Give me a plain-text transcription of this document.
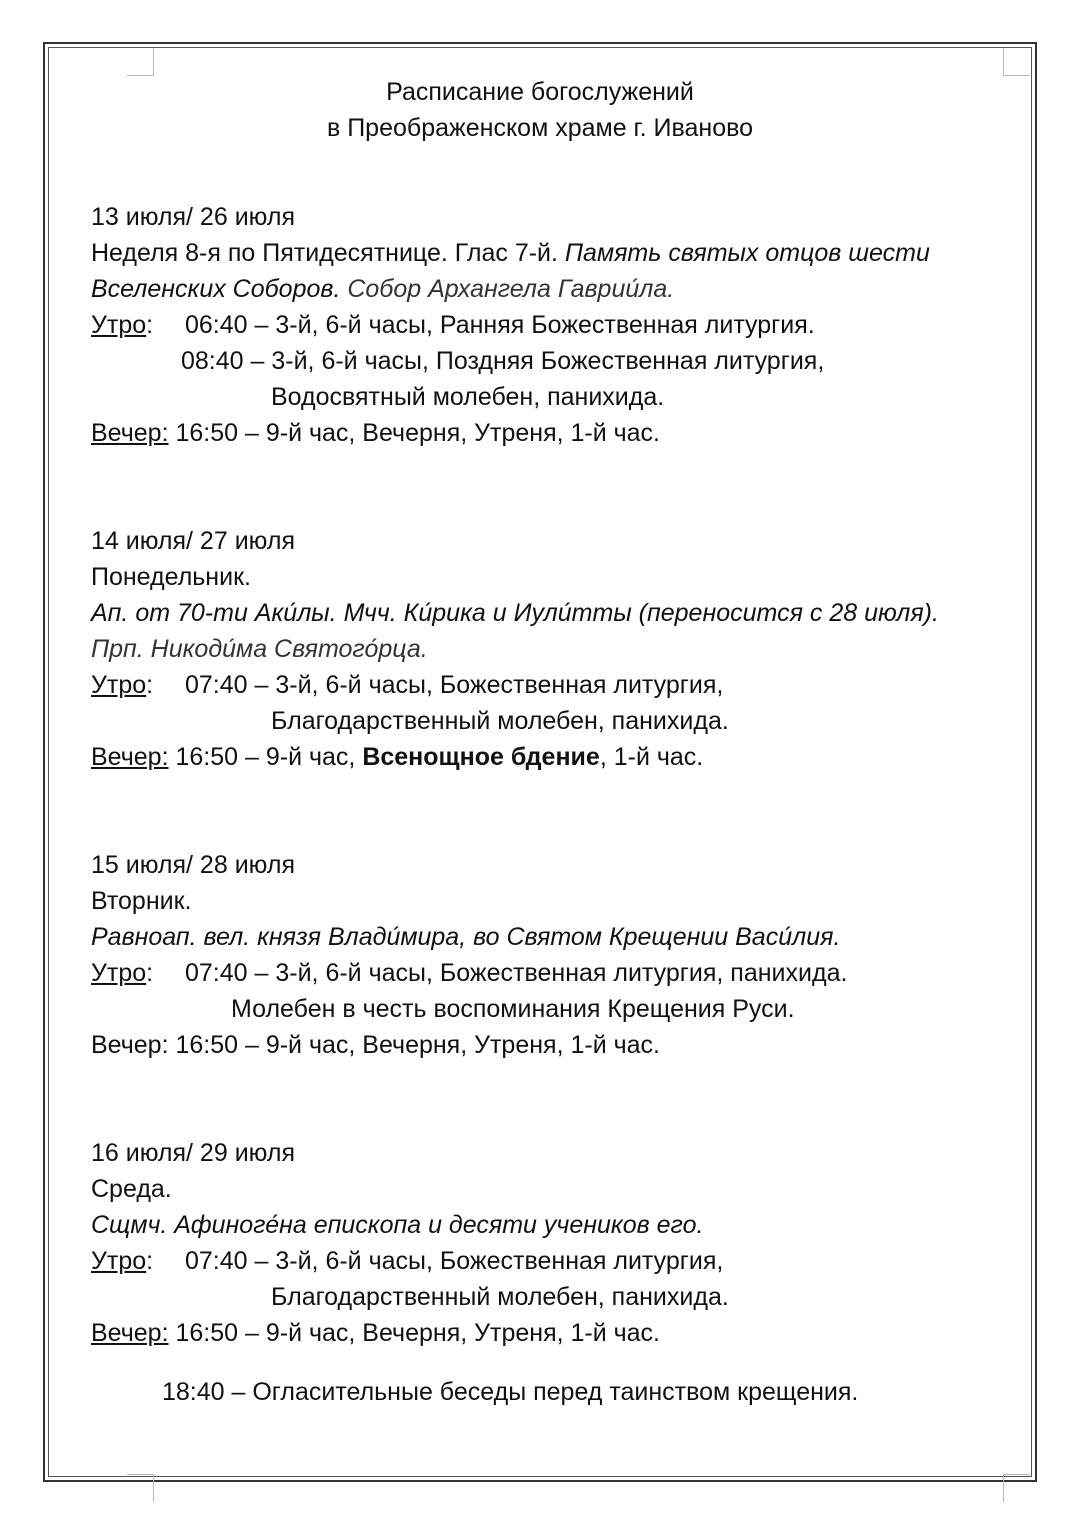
Расписание богослужений
в Преображенском храме г. Иваново
13 июля/ 26 июля
Неделя 8-я по Пятидесятнице. Глас 7-й. Память святых отцов шести
Вселенских Соборов. Собор Архангела Гаврии́ла.
Утро: 06:40 – 3-й, 6-й часы, Ранняя Божественная литургия.
08:40 – 3-й, 6-й часы, Поздняя Божественная литургия,
Водосвятный молебен, панихида.
Вечер: 16:50 – 9-й час, Вечерня, Утреня, 1-й час.
14 июля/ 27 июля
Понедельник.
Ап. от 70-ти Аки́лы. Мчч. Ки́рика и Иули́тты (переносится с 28 июля).
Прп. Никоди́ма Святого́рца.
Утро: 07:40 – 3-й, 6-й часы, Божественная литургия,
Благодарственный молебен, панихида.
Вечер: 16:50 – 9-й час, Всенощное бдение, 1-й час.
15 июля/ 28 июля
Вторник.
Равноап. вел. князя Влади́мира, во Святом Крещении Васи́лия.
Утро: 07:40 – 3-й, 6-й часы, Божественная литургия, панихида.
Молебен в честь воспоминания Крещения Руси.
Вечер: 16:50 – 9-й час, Вечерня, Утреня, 1-й час.
16 июля/ 29 июля
Среда.
Сщмч. Афиноге́на епископа и десяти учеников его.
Утро: 07:40 – 3-й, 6-й часы, Божественная литургия,
Благодарственный молебен, панихида.
Вечер: 16:50 – 9-й час, Вечерня, Утреня, 1-й час.
18:40 – Огласительные беседы перед таинством крещения.
